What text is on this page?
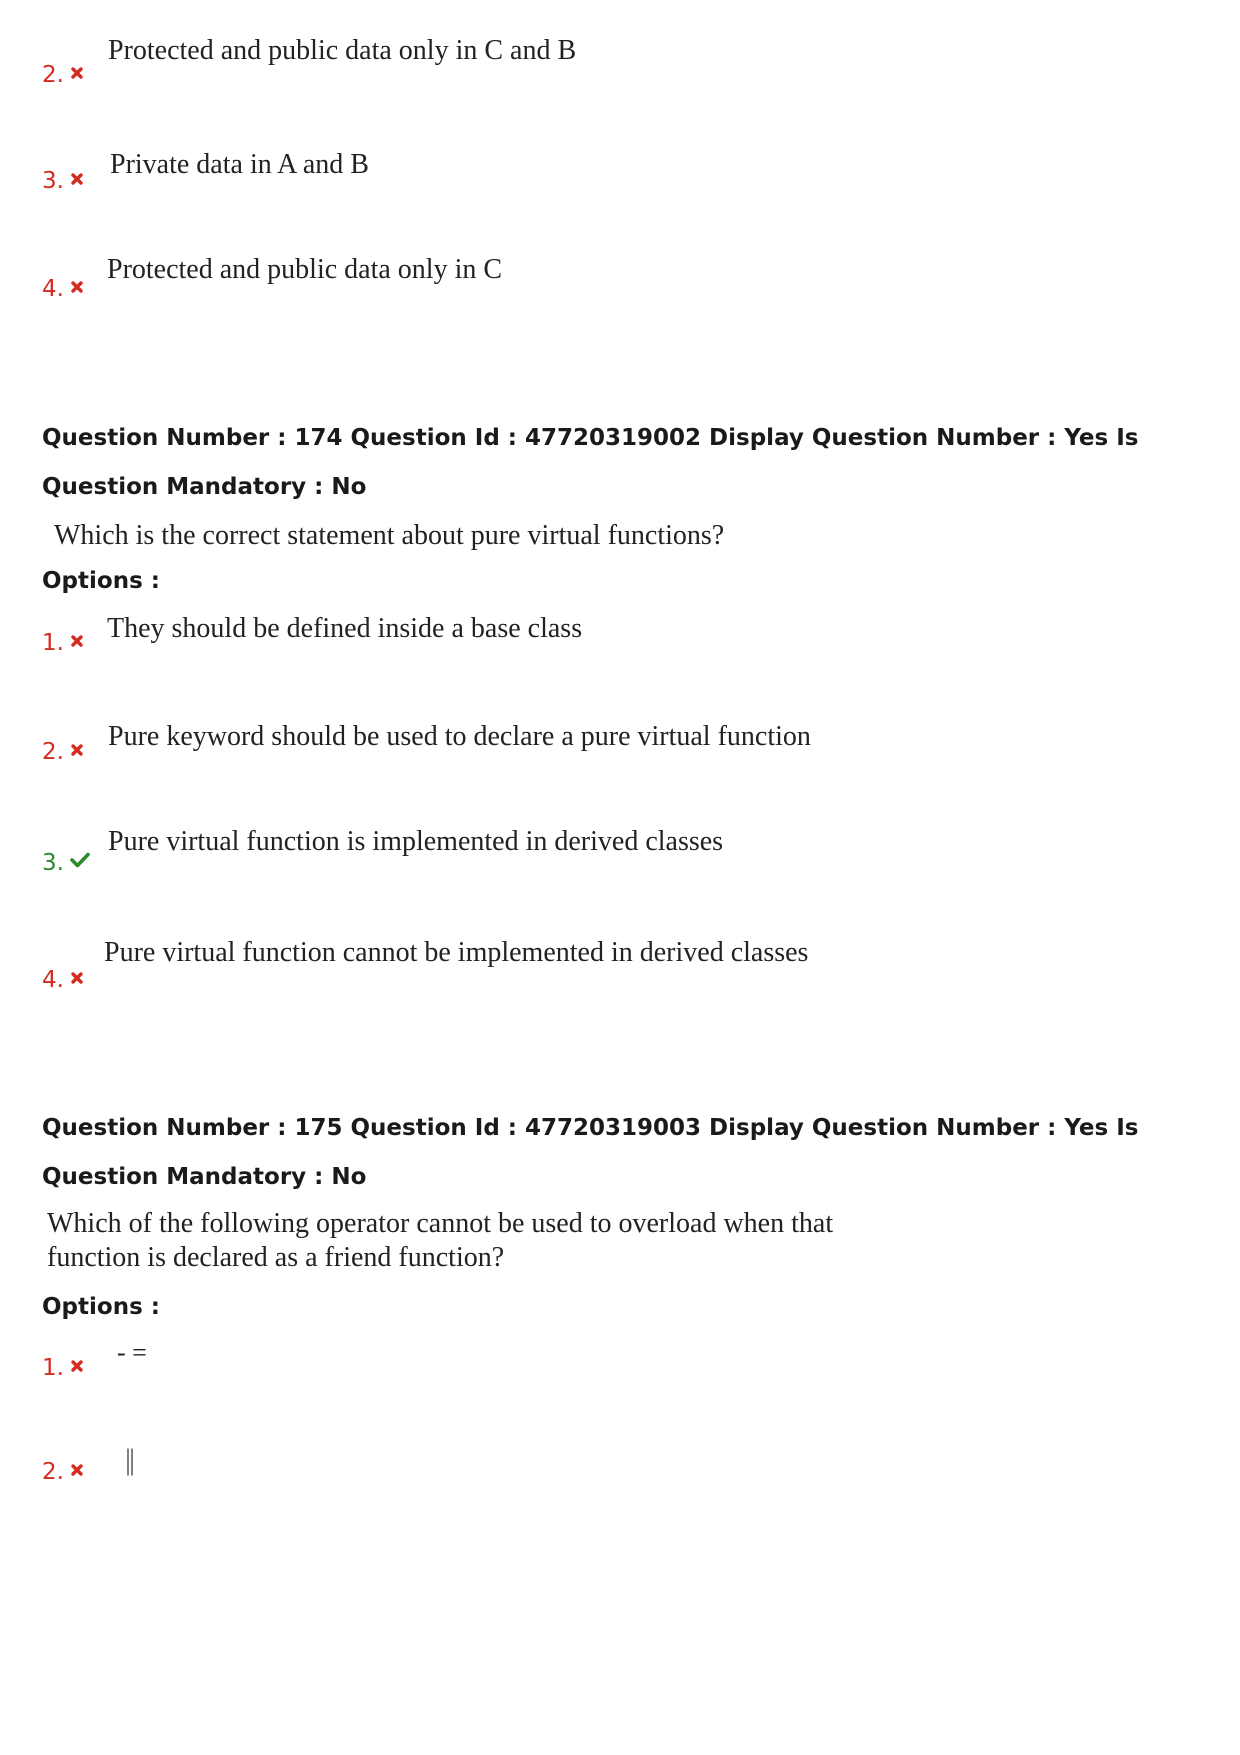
Protected and public data only in C and B
2.
Private data in A and B
3.
Protected and public data only in C
4.
Question Number : 174 Question Id : 47720319002 Display Question Number : Yes Is Question Mandatory : No
Which is the correct statement about pure virtual functions?
Options :
They should be defined inside a base class
1.
Pure keyword should be used to declare a pure virtual function
2.
Pure virtual function is implemented in derived classes
3.
Pure virtual function cannot be implemented in derived classes
4.
Question Number : 175 Question Id : 47720319003 Display Question Number : Yes Is Question Mandatory : No
Which of the following operator cannot be used to overload when that
function is declared as a friend function?
Options :
- =
1.
||
2.
